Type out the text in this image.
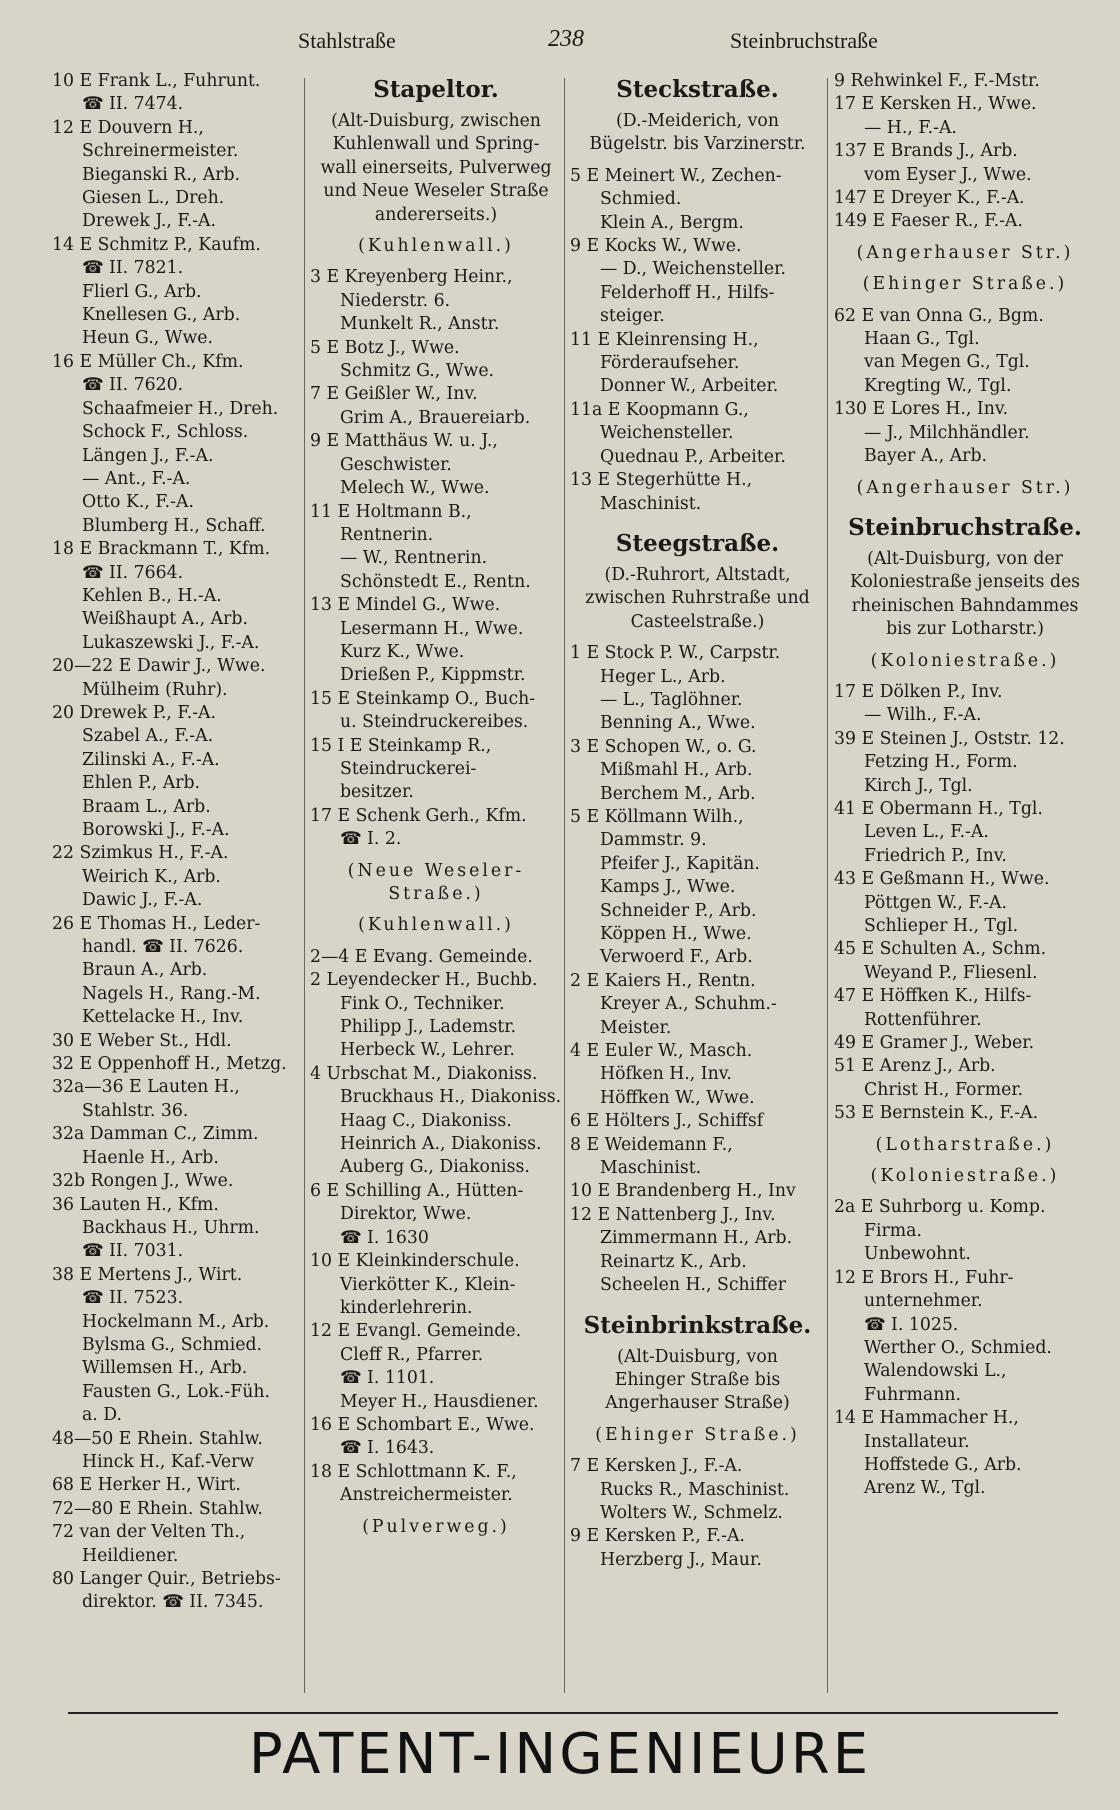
Stahlstraße	238	Steinbruchstraße
10 E Frank L., Fuhrunt.
☎ II. 7474.
12 E Douvern H.,
Schreinermeister.
Bieganski R., Arb.
Giesen L., Dreh.
Drewek J., F.-A.
14 E Schmitz P., Kaufm.
☎ II. 7821.
Flierl G., Arb.
Knellesen G., Arb.
Heun G., Wwe.
16 E Müller Ch., Kfm.
☎ II. 7620.
Schaafmeier H., Dreh.
Schock F., Schloss.
Längen J., F.-A.
— Ant., F.-A.
Otto K., F.-A.
Blumberg H., Schaff.
18 E Brackmann T., Kfm.
☎ II. 7664.
Kehlen B., H.-A.
Weißhaupt A., Arb.
Lukaszewski J., F.-A.
20—22 E Dawir J., Wwe.
Mülheim (Ruhr).
20 Drewek P., F.-A.
Szabel A., F.-A.
Zilinski A., F.-A.
Ehlen P., Arb.
Braam L., Arb.
Borowski J., F.-A.
22 Szimkus H., F.-A.
Weirich K., Arb.
Dawic J., F.-A.
26 E Thomas H., Leder-
handl. ☎ II. 7626.
Braun A., Arb.
Nagels H., Rang.-M.
Kettelacke H., Inv.
30 E Weber St., Hdl.
32 E Oppenhoff H., Metzg.
32a—36 E Lauten H.,
Stahlstr. 36.
32a Damman C., Zimm.
Haenle H., Arb.
32b Rongen J., Wwe.
36 Lauten H., Kfm.
Backhaus H., Uhrm.
☎ II. 7031.
38 E Mertens J., Wirt.
☎ II. 7523.
Hockelmann M., Arb.
Bylsma G., Schmied.
Willemsen H., Arb.
Fausten G., Lok.-Füh.
a. D.
48—50 E Rhein. Stahlw.
Hinck H., Kaf.-Verw
68 E Herker H., Wirt.
72—80 E Rhein. Stahlw.
72 van der Velten Th.,
Heildiener.
80 Langer Quir., Betriebs-
direktor. ☎ II. 7345.
Stapeltor.
(Alt-Duisburg, zwischen
Kuhlenwall und Spring-
wall einerseits, Pulverweg
und Neue Weseler Straße
andererseits.)
(Kuhlenwall.)
3 E Kreyenberg Heinr.,
Niederstr. 6.
Munkelt R., Anstr.
5 E Botz J., Wwe.
Schmitz G., Wwe.
7 E Geißler W., Inv.
Grim A., Brauereiarb.
9 E Matthäus W. u. J.,
Geschwister.
Melech W., Wwe.
11 E Holtmann B.,
Rentnerin.
— W., Rentnerin.
Schönstedt E., Rentn.
13 E Mindel G., Wwe.
Lesermann H., Wwe.
Kurz K., Wwe.
Drießen P., Kippmstr.
15 E Steinkamp O., Buch-
u. Steindruckereibes.
15 I E Steinkamp R.,
Steindruckerei-
besitzer.
17 E Schenk Gerh., Kfm.
☎ I. 2.
(Neue Weseler-
Straße.)
(Kuhlenwall.)
2—4 E Evang. Gemeinde.
2 Leyendecker H., Buchb.
Fink O., Techniker.
Philipp J., Lademstr.
Herbeck W., Lehrer.
4 Urbschat M., Diakoniss.
Bruckhaus H., Diakoniss.
Haag C., Diakoniss.
Heinrich A., Diakoniss.
Auberg G., Diakoniss.
6 E Schilling A., Hütten-
Direktor, Wwe.
☎ I. 1630
10 E Kleinkinderschule.
Vierkötter K., Klein-
kinderlehrerin.
12 E Evangl. Gemeinde.
Cleff R., Pfarrer.
☎ I. 1101.
Meyer H., Hausdiener.
16 E Schombart E., Wwe.
☎ I. 1643.
18 E Schlottmann K. F.,
Anstreichermeister.
(Pulverweg.)
Steckstraße.
(D.-Meiderich, von
Bügelstr. bis Varzinerstr.
5 E Meinert W., Zechen-
Schmied.
Klein A., Bergm.
9 E Kocks W., Wwe.
— D., Weichensteller.
Felderhoff H., Hilfs-
steiger.
11 E Kleinrensing H.,
Förderaufseher.
Donner W., Arbeiter.
11a E Koopmann G.,
Weichensteller.
Quednau P., Arbeiter.
13 E Stegerhütte H.,
Maschinist.
Steegstraße.
(D.-Ruhrort, Altstadt,
zwischen Ruhrstraße und
Casteelstraße.)
1 E Stock P. W., Carpstr.
Heger L., Arb.
— L., Taglöhner.
Benning A., Wwe.
3 E Schopen W., o. G.
Mißmahl H., Arb.
Berchem M., Arb.
5 E Köllmann Wilh.,
Dammstr. 9.
Pfeifer J., Kapitän.
Kamps J., Wwe.
Schneider P., Arb.
Köppen H., Wwe.
Verwoerd F., Arb.
2 E Kaiers H., Rentn.
Kreyer A., Schuhm.-
Meister.
4 E Euler W., Masch.
Höfken H., Inv.
Höffken W., Wwe.
6 E Hölters J., Schiffsf
8 E Weidemann F.,
Maschinist.
10 E Brandenberg H., Inv
12 E Nattenberg J., Inv.
Zimmermann H., Arb.
Reinartz K., Arb.
Scheelen H., Schiffer
Steinbrinkstraße.
(Alt-Duisburg, von
Ehinger Straße bis
Angerhauser Straße)
(Ehinger Straße.)
7 E Kersken J., F.-A.
Rucks R., Maschinist.
Wolters W., Schmelz.
9 E Kersken P., F.-A.
Herzberg J., Maur.
9 Rehwinkel F., F.-Mstr.
17 E Kersken H., Wwe.
— H., F.-A.
137 E Brands J., Arb.
vom Eyser J., Wwe.
147 E Dreyer K., F.-A.
149 E Faeser R., F.-A.
(Angerhauser Str.)
(Ehinger Straße.)
62 E van Onna G., Bgm.
Haan G., Tgl.
van Megen G., Tgl.
Kregting W., Tgl.
130 E Lores H., Inv.
— J., Milchhändler.
Bayer A., Arb.
(Angerhauser Str.)
Steinbruchstraße.
(Alt-Duisburg, von der
Koloniestraße jenseits des
rheinischen Bahndammes
bis zur Lotharstr.)
(Koloniestraße.)
17 E Dölken P., Inv.
— Wilh., F.-A.
39 E Steinen J., Oststr. 12.
Fetzing H., Form.
Kirch J., Tgl.
41 E Obermann H., Tgl.
Leven L., F.-A.
Friedrich P., Inv.
43 E Geßmann H., Wwe.
Pöttgen W., F.-A.
Schlieper H., Tgl.
45 E Schulten A., Schm.
Weyand P., Fliesenl.
47 E Höffken K., Hilfs-
Rottenführer.
49 E Gramer J., Weber.
51 E Arenz J., Arb.
Christ H., Former.
53 E Bernstein K., F.-A.
(Lotharstraße.)
(Koloniestraße.)
2a E Suhrborg u. Komp.
Firma.
Unbewohnt.
12 E Brors H., Fuhr-
unternehmer.
☎ I. 1025.
Werther O., Schmied.
Walendowski L.,
Fuhrmann.
14 E Hammacher H.,
Installateur.
Hoffstede G., Arb.
Arenz W., Tgl.
PATENT-INGENIEURE
